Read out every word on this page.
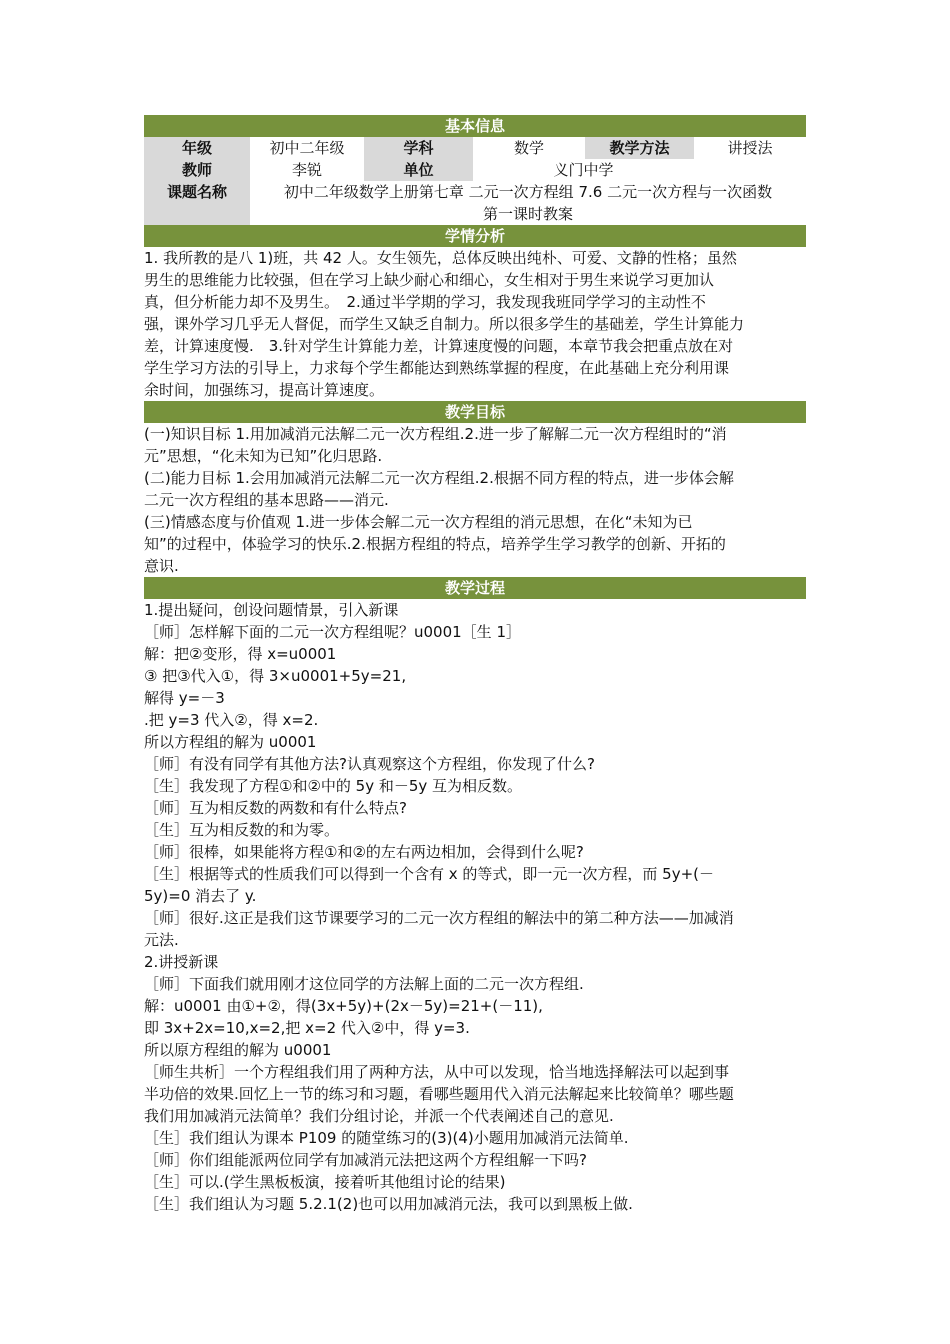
基本信息
年级	初中二年级	学科	数学	教学方法	讲授法
教师	李锐	单位	义门中学
课题名称	初中二年级数学上册第七章 二元一次方程组 7.6 二元一次方程与一次函数
第一课时教案
学情分析
1. 我所教的是八 1)班，共 42 人。女生领先，总体反映出纯朴、可爱、文静的性格；虽然
男生的思维能力比较强，但在学习上缺少耐心和细心，女生相对于男生来说学习更加认
真，但分析能力却不及男生。　2.通过半学期的学习，我发现我班同学学习的主动性不
强，课外学习几乎无人督促，而学生又缺乏自制力。所以很多学生的基础差，学生计算能力
差，计算速度慢.　3.针对学生计算能力差，计算速度慢的问题，本章节我会把重点放在对
学生学习方法的引导上，力求每个学生都能达到熟练掌握的程度，在此基础上充分利用课
余时间，加强练习，提高计算速度。
教学目标
(一)知识目标 1.用加减消元法解二元一次方程组.2.进一步了解解二元一次方程组时的“消
元”思想，“化未知为已知”化归思路.
(二)能力目标 1.会用加减消元法解二元一次方程组.2.根据不同方程的特点，进一步体会解
二元一次方程组的基本思路——消元.
(三)情感态度与价值观 1.进一步体会解二元一次方程组的消元思想，在化“未知为已
知”的过程中，体验学习的快乐.2.根据方程组的特点，培养学生学习教学的创新、开拓的
意识.
教学过程
1.提出疑问，创设问题情景，引入新课
［师］怎样解下面的二元一次方程组呢？u0001［生 1］
解：把②变形，得 x=u0001
③ 把③代入①，得 3×u0001+5y=21,
解得 y=－3
.把 y=3 代入②，得 x=2.
所以方程组的解为 u0001
［师］有没有同学有其他方法?认真观察这个方程组，你发现了什么?
［生］我发现了方程①和②中的 5y 和－5y 互为相反数。
［师］互为相反数的两数和有什么特点?
［生］互为相反数的和为零。
［师］很棒，如果能将方程①和②的左右两边相加，会得到什么呢?
［生］根据等式的性质我们可以得到一个含有 x 的等式，即一元一次方程，而 5y+(－
5y)=0 消去了 y.
［师］很好.这正是我们这节课要学习的二元一次方程组的解法中的第二种方法——加减消
元法.
2.讲授新课
［师］下面我们就用刚才这位同学的方法解上面的二元一次方程组.
解：u0001 由①+②，得(3x+5y)+(2x－5y)=21+(－11),
即 3x+2x=10,x=2,把 x=2 代入②中，得 y=3.
所以原方程组的解为 u0001
［师生共析］一个方程组我们用了两种方法，从中可以发现，恰当地选择解法可以起到事
半功倍的效果.回忆上一节的练习和习题，看哪些题用代入消元法解起来比较简单？哪些题
我们用加减消元法简单？我们分组讨论，并派一个代表阐述自己的意见.
［生］我们组认为课本 P109 的随堂练习的(3)(4)小题用加减消元法简单.
［师］你们组能派两位同学有加减消元法把这两个方程组解一下吗?
［生］可以.(学生黑板板演，接着听其他组讨论的结果)
［生］我们组认为习题 5.2.1(2)也可以用加减消元法，我可以到黑板上做.
